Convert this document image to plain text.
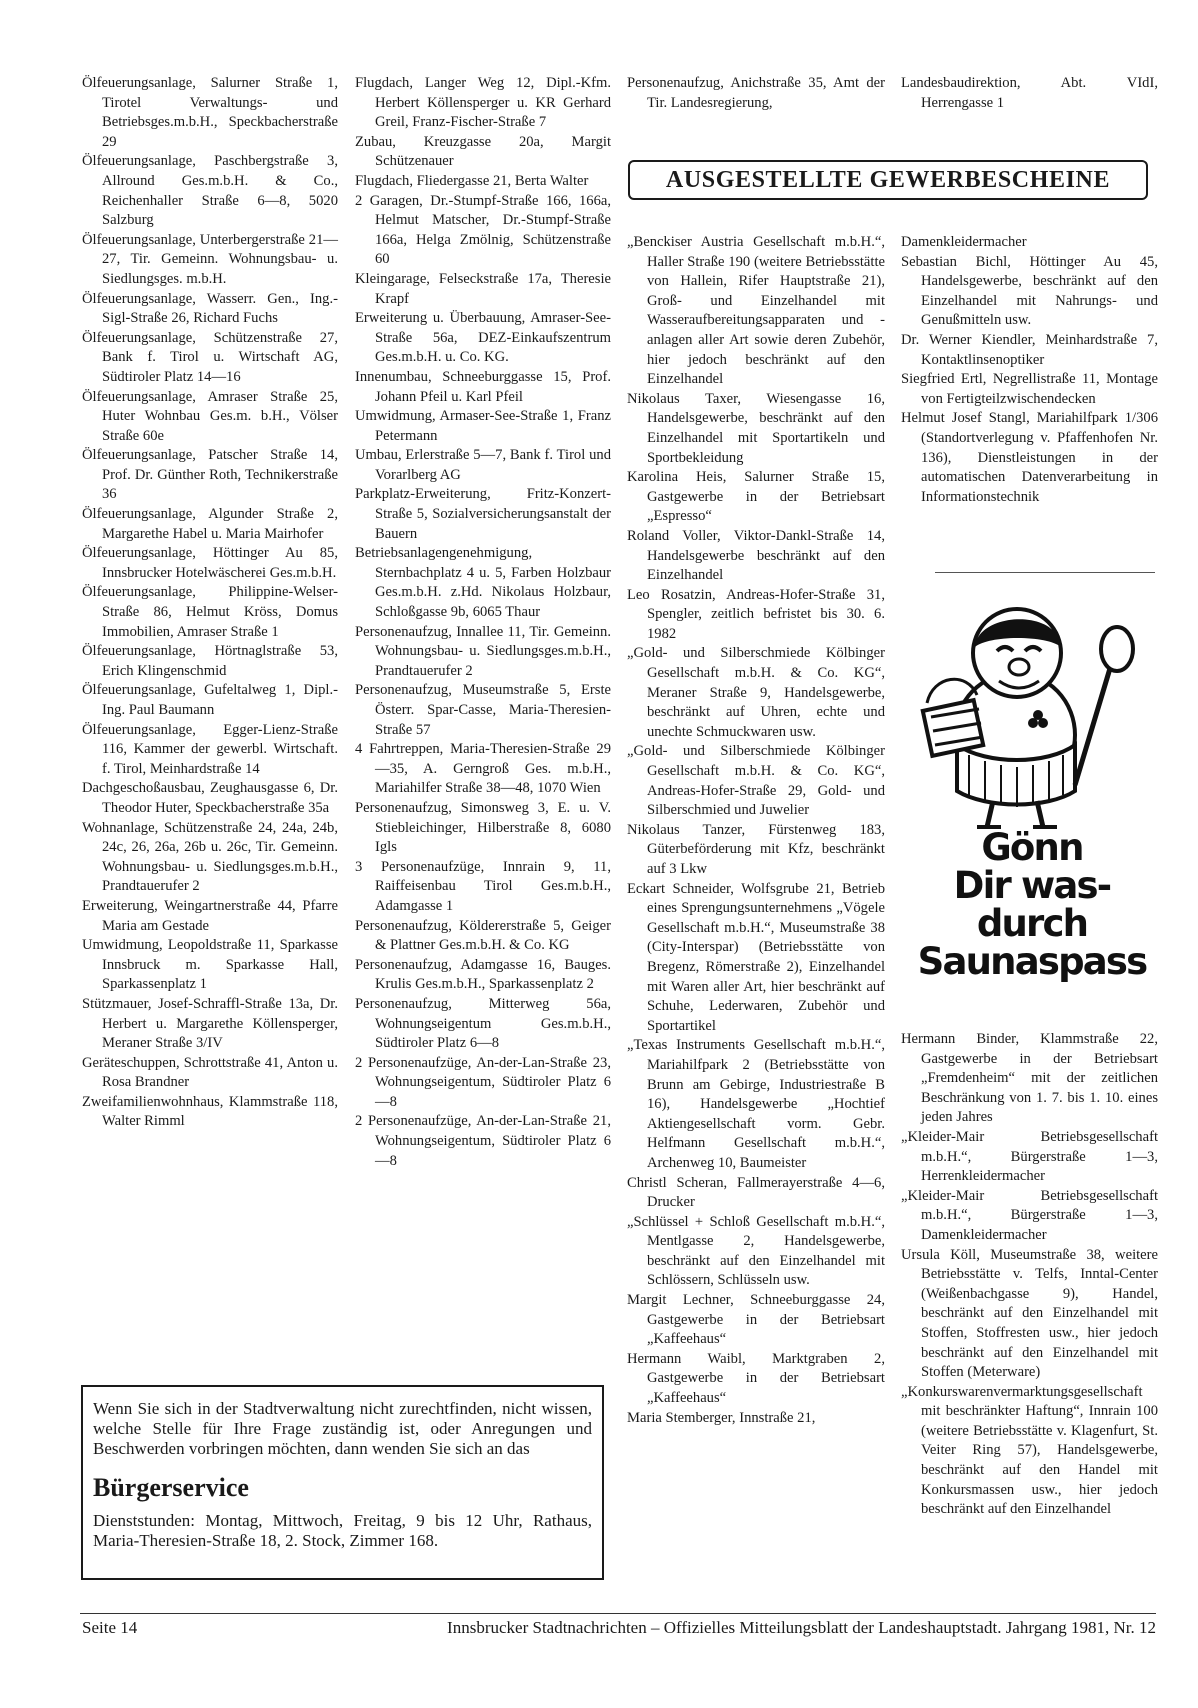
Ölfeuerungsanlage, Salurner Straße 1, Tirotel Verwaltungs- und Betriebsges.m.b.H., Speckbacherstraße 29

Ölfeuerungsanlage, Paschbergstraße 3, Allround Ges.m.b.H. & Co., Reichenhaller Straße 6—8, 5020 Salzburg

Ölfeuerungsanlage, Unterbergerstraße 21—27, Tir. Gemeinn. Wohnungsbau- u. Siedlungsges. m.b.H.

Ölfeuerungsanlage, Wasserr. Gen., Ing.-Sigl-Straße 26, Richard Fuchs

Ölfeuerungsanlage, Schützenstraße 27, Bank f. Tirol u. Wirtschaft AG, Südtiroler Platz 14—16

Ölfeuerungsanlage, Amraser Straße 25, Huter Wohnbau Ges.m. b.H., Völser Straße 60e

Ölfeuerungsanlage, Patscher Straße 14, Prof. Dr. Günther Roth, Technikerstraße 36

Ölfeuerungsanlage, Algunder Straße 2, Margarethe Habel u. Maria Mairhofer

Ölfeuerungsanlage, Höttinger Au 85, Innsbrucker Hotelwäscherei Ges.m.b.H.

Ölfeuerungsanlage, Philippine-Welser-Straße 86, Helmut Kröss, Domus Immobilien, Amraser Straße 1

Ölfeuerungsanlage, Hörtnaglstraße 53, Erich Klingenschmid

Ölfeuerungsanlage, Gufeltalweg 1, Dipl.-Ing. Paul Baumann

Ölfeuerungsanlage, Egger-Lienz-Straße 116, Kammer der gewerbl. Wirtschaft. f. Tirol, Meinhardstraße 14

Dachgeschoßausbau, Zeughausgasse 6, Dr. Theodor Huter, Speckbacherstraße 35a

Wohnanlage, Schützenstraße 24, 24a, 24b, 24c, 26, 26a, 26b u. 26c, Tir. Gemeinn. Wohnungsbau- u. Siedlungsges.m.b.H., Prandtauerufer 2

Erweiterung, Weingartnerstraße 44, Pfarre Maria am Gestade

Umwidmung, Leopoldstraße 11, Sparkasse Innsbruck m. Sparkasse Hall, Sparkassenplatz 1

Stützmauer, Josef-Schraffl-Straße 13a, Dr. Herbert u. Margarethe Köllensperger, Meraner Straße 3/IV

Geräteschuppen, Schrottstraße 41, Anton u. Rosa Brandner

Zweifamilienwohnhaus, Klammstraße 118, Walter Rimml

Flugdach, Langer Weg 12, Dipl.-Kfm. Herbert Köllensperger u. KR Gerhard Greil, Franz-Fischer-Straße 7

Zubau, Kreuzgasse 20a, Margit Schützenauer

Flugdach, Fliedergasse 21, Berta Walter

2 Garagen, Dr.-Stumpf-Straße 166, 166a, Helmut Matscher, Dr.-Stumpf-Straße 166a, Helga Zmölnig, Schützenstraße 60

Kleingarage, Felseckstraße 17a, Theresie Krapf

Erweiterung u. Überbauung, Amraser-See-Straße 56a, DEZ-Einkaufszentrum Ges.m.b.H. u. Co. KG.

Innenumbau, Schneeburggasse 15, Prof. Johann Pfeil u. Karl Pfeil

Umwidmung, Armaser-See-Straße 1, Franz Petermann

Umbau, Erlerstraße 5—7, Bank f. Tirol und Vorarlberg AG

Parkplatz-Erweiterung, Fritz-Konzert-Straße 5, Sozialversicherungsanstalt der Bauern

Betriebsanlagengenehmigung, Sternbachplatz 4 u. 5, Farben Holzbaur Ges.m.b.H. z.Hd. Nikolaus Holzbaur, Schloßgasse 9b, 6065 Thaur

Personenaufzug, Innallee 11, Tir. Gemeinn. Wohnungsbau- u. Siedlungsges.m.b.H., Prandtauerufer 2

Personenaufzug, Museumstraße 5, Erste Österr. Spar-Casse, Maria-Theresien-Straße 57

4 Fahrtreppen, Maria-Theresien-Straße 29—35, A. Gerngroß Ges. m.b.H., Mariahilfer Straße 38—48, 1070 Wien

Personenaufzug, Simonsweg 3, E. u. V. Stiebleichinger, Hilberstraße 8, 6080 Igls

3 Personenaufzüge, Innrain 9, 11, Raiffeisenbau Tirol Ges.m.b.H., Adamgasse 1

Personenaufzug, Köldererstraße 5, Geiger & Plattner Ges.m.b.H. & Co. KG

Personenaufzug, Adamgasse 16, Bauges. Krulis Ges.m.b.H., Sparkassenplatz 2

Personenaufzug, Mitterweg 56a, Wohnungseigentum Ges.m.b.H., Südtiroler Platz 6—8

2 Personenaufzüge, An-der-Lan-Straße 23, Wohnungseigentum, Südtiroler Platz 6—8

2 Personenaufzüge, An-der-Lan-Straße 21, Wohnungseigentum, Südtiroler Platz 6—8

Personenaufzug, Anichstraße 35, Amt der Tir. Landesregierung,

Landesbaudirektion, Abt. VIdI, Herrengasse 1

AUSGESTELLTE GEWERBESCHEINE

„Benckiser Austria Gesellschaft m.b.H.“, Haller Straße 190 (weitere Betriebsstätte von Hallein, Rifer Hauptstraße 21), Groß- und Einzelhandel mit Wasseraufbereitungsapparaten und -anlagen aller Art sowie deren Zubehör, hier jedoch beschränkt auf den Einzelhandel

Nikolaus Taxer, Wiesengasse 16, Handelsgewerbe, beschränkt auf den Einzelhandel mit Sportartikeln und Sportbekleidung

Karolina Heis, Salurner Straße 15, Gastgewerbe in der Betriebsart „Espresso“

Roland Voller, Viktor-Dankl-Straße 14, Handelsgewerbe beschränkt auf den Einzelhandel

Leo Rosatzin, Andreas-Hofer-Straße 31, Spengler, zeitlich befristet bis 30. 6. 1982

„Gold- und Silberschmiede Kölbinger Gesellschaft m.b.H. & Co. KG“, Meraner Straße 9, Handelsgewerbe, beschränkt auf Uhren, echte und unechte Schmuckwaren usw.

„Gold- und Silberschmiede Kölbinger Gesellschaft m.b.H. & Co. KG“, Andreas-Hofer-Straße 29, Gold- und Silberschmied und Juwelier

Nikolaus Tanzer, Fürstenweg 183, Güterbeförderung mit Kfz, beschränkt auf 3 Lkw

Eckart Schneider, Wolfsgrube 21, Betrieb eines Sprengungsunternehmens „Vögele Gesellschaft m.b.H.“, Museumstraße 38 (City-Interspar) (Betriebsstätte von Bregenz, Römerstraße 2), Einzelhandel mit Waren aller Art, hier beschränkt auf Schuhe, Lederwaren, Zubehör und Sportartikel

„Texas Instruments Gesellschaft m.b.H.“, Mariahilfpark 2 (Betriebsstätte von Brunn am Gebirge, Industriestraße B 16), Handelsgewerbe „Hochtief Aktiengesellschaft vorm. Gebr. Helfmann Gesellschaft m.b.H.“, Archenweg 10, Baumeister

Christl Scheran, Fallmerayerstraße 4—6, Drucker

„Schlüssel + Schloß Gesellschaft m.b.H.“, Mentlgasse 2, Handelsgewerbe, beschränkt auf den Einzelhandel mit Schlössern, Schlüsseln usw.

Margit Lechner, Schneeburggasse 24, Gastgewerbe in der Betriebsart „Kaffeehaus“

Hermann Waibl, Marktgraben 2, Gastgewerbe in der Betriebsart „Kaffeehaus“

Maria Stemberger, Innstraße 21,

Damenkleidermacher

Sebastian Bichl, Höttinger Au 45, Handelsgewerbe, beschränkt auf den Einzelhandel mit Nahrungs- und Genußmitteln usw.

Dr. Werner Kiendler, Meinhardstraße 7, Kontaktlinsenoptiker

Siegfried Ertl, Negrellistraße 11, Montage von Fertigteilzwischendecken

Helmut Josef Stangl, Mariahilfpark 1/306 (Standortverlegung v. Pfaffenhofen Nr. 136), Dienstleistungen in der automatischen Datenverarbeitung in Informationstechnik

Gönn
Dir was-
durch
Saunaspass

Hermann Binder, Klammstraße 22, Gastgewerbe in der Betriebsart „Fremdenheim“ mit der zeitlichen Beschränkung von 1. 7. bis 1. 10. eines jeden Jahres

„Kleider-Mair Betriebsgesellschaft m.b.H.“, Bürgerstraße 1—3, Herrenkleidermacher

„Kleider-Mair Betriebsgesellschaft m.b.H.“, Bürgerstraße 1—3, Damenkleidermacher

Ursula Köll, Museumstraße 38, weitere Betriebsstätte v. Telfs, Inntal-Center (Weißenbachgasse 9), Handel, beschränkt auf den Einzelhandel mit Stoffen, Stoffresten usw., hier jedoch beschränkt auf den Einzelhandel mit Stoffen (Meterware)

„Konkurswarenvermarktungsgesellschaft mit beschränkter Haftung“, Innrain 100 (weitere Betriebsstätte v. Klagenfurt, St. Veiter Ring 57), Handelsgewerbe, beschränkt auf den Handel mit Konkursmassen usw., hier jedoch beschränkt auf den Einzelhandel

Wenn Sie sich in der Stadtverwaltung nicht zurechtfinden, nicht wissen, welche Stelle für Ihre Frage zuständig ist, oder Anregungen und Beschwerden vorbringen möchten, dann wenden Sie sich an das

Bürgerservice

Dienststunden: Montag, Mittwoch, Freitag, 9 bis 12 Uhr, Rathaus, Maria-Theresien-Straße 18, 2. Stock, Zimmer 168.

Seite 14	Innsbrucker Stadtnachrichten – Offizielles Mitteilungsblatt der Landeshauptstadt. Jahrgang 1981, Nr. 12
